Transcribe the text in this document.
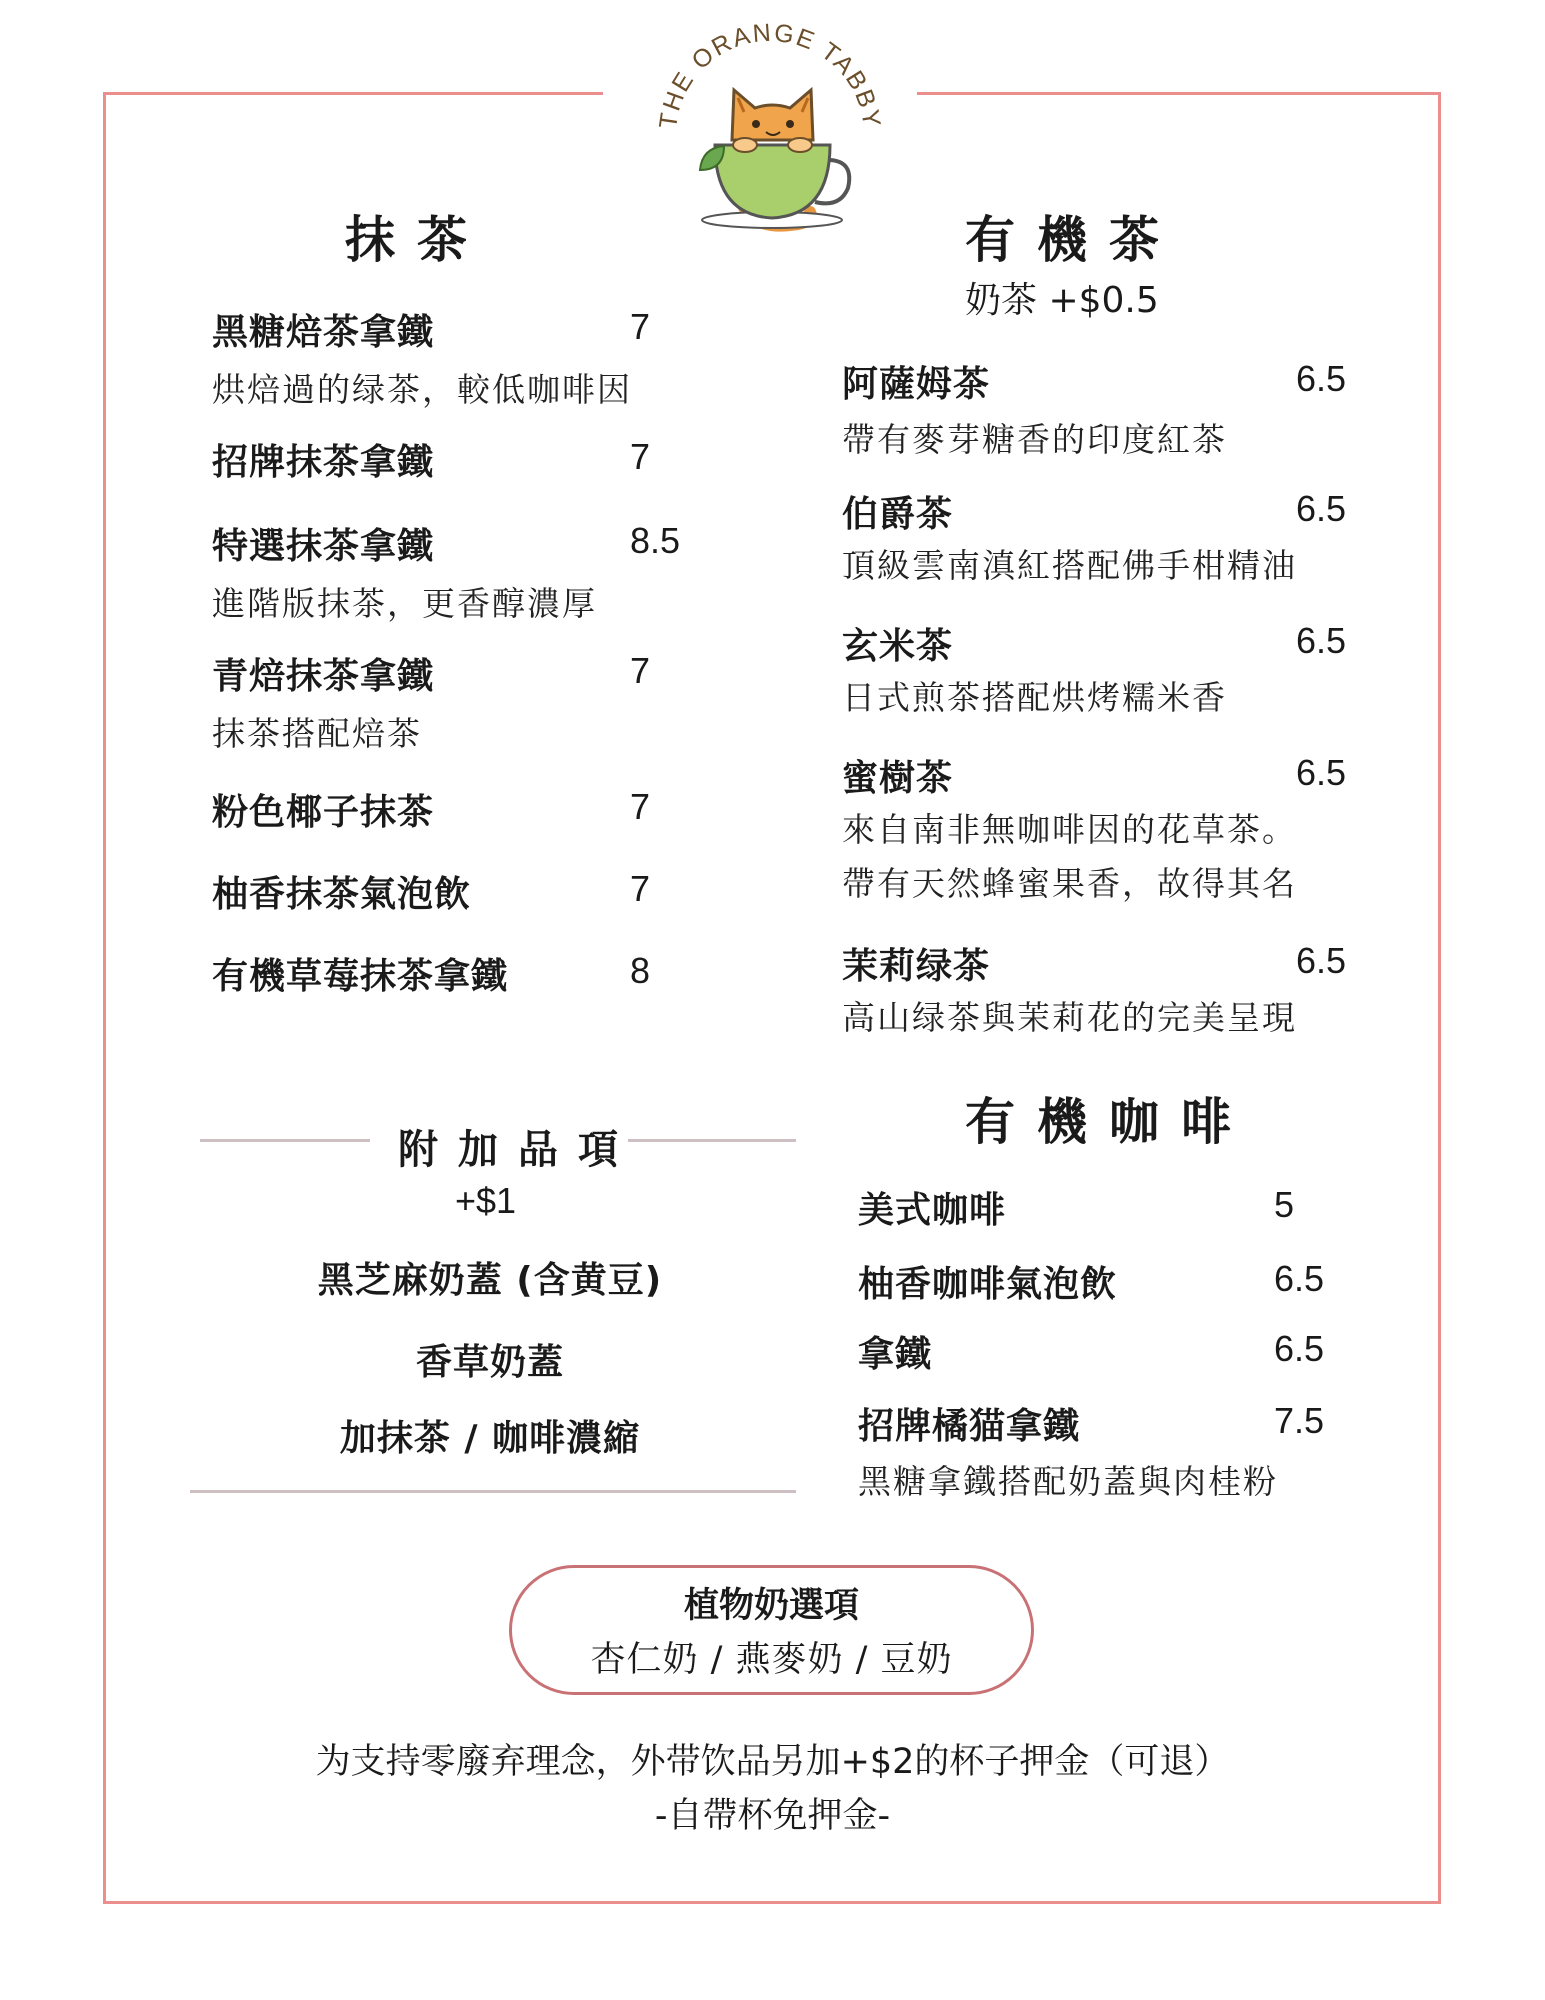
THE ORANGE TABBY
抹茶
黑糖焙茶拿鐵	7
烘焙過的绿茶，較低咖啡因
招牌抹茶拿鐵	7
特選抹茶拿鐵	8.5
進階版抹茶，更香醇濃厚
青焙抹茶拿鐵	7
抹茶搭配焙茶
粉色椰子抹茶	7
柚香抹茶氣泡飲	7
有機草莓抹茶拿鐵	8
附加品項
+$1
黑芝麻奶蓋 (含黄豆)
香草奶蓋
加抹茶 / 咖啡濃縮
有機茶
奶茶 +$0.5
阿薩姆茶	6.5
帶有麥芽糖香的印度紅茶
伯爵茶	6.5
頂級雲南滇紅搭配佛手柑精油
玄米茶	6.5
日式煎茶搭配烘烤糯米香
蜜樹茶	6.5
來自南非無咖啡因的花草茶。
帶有天然蜂蜜果香，故得其名
茉莉绿茶	6.5
高山绿茶與茉莉花的完美呈現
有機咖啡
美式咖啡	5
柚香咖啡氣泡飲	6.5
拿鐵	6.5
招牌橘猫拿鐵	7.5
黑糖拿鐵搭配奶蓋與肉桂粉
植物奶選項
杏仁奶 / 燕麥奶 / 豆奶
为支持零廢弃理念，外带饮品另加+$2的杯子押金（可退）
-自帶杯免押金-
